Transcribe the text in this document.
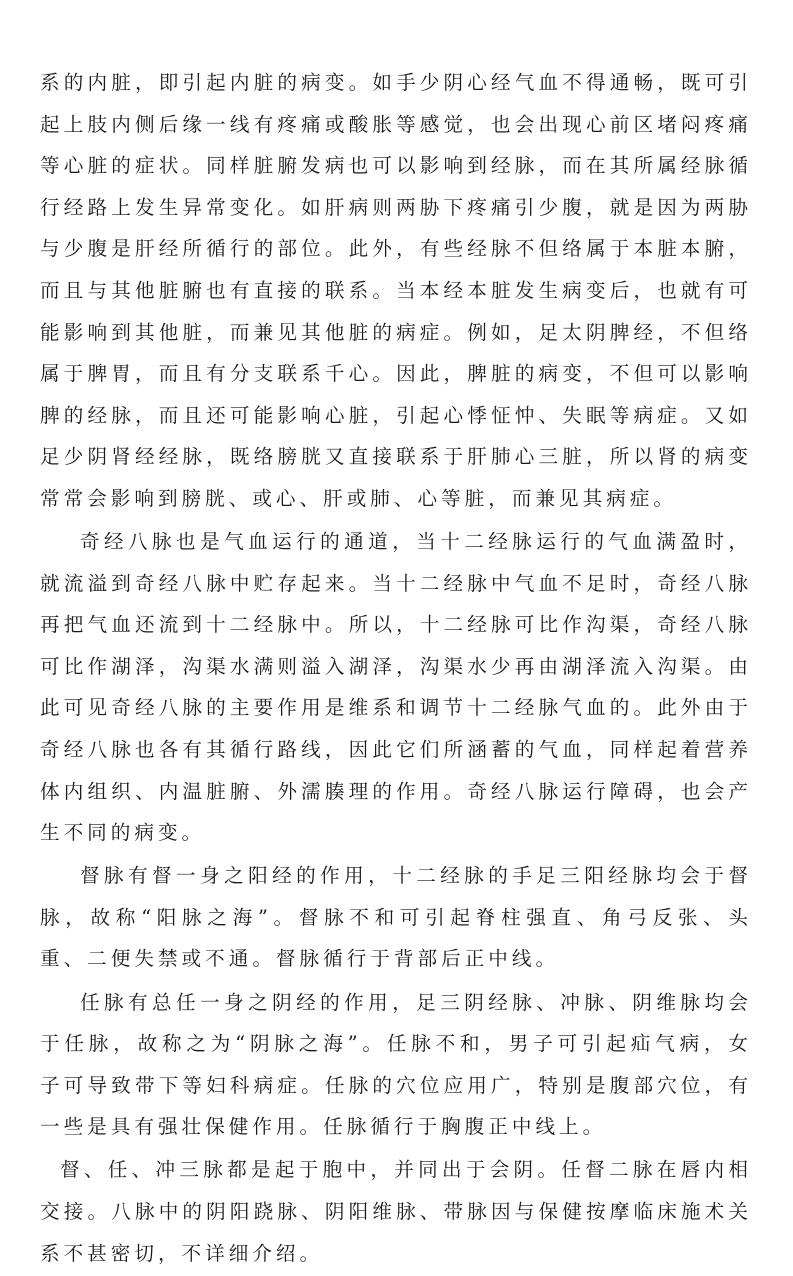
系的内脏，即引起内脏的病变。如手少阴心经气血不得通畅，既可引起上肢内侧后缘一线有疼痛或酸胀等感觉，也会出现心前区堵闷疼痛等心脏的症状。同样脏腑发病也可以影响到经脉，而在其所属经脉循行经路上发生异常变化。如肝病则两胁下疼痛引少腹，就是因为两胁与少腹是肝经所循行的部位。此外，有些经脉不但络属于本脏本腑，而且与其他脏腑也有直接的联系。当本经本脏发生病变后，也就有可能影响到其他脏，而兼见其他脏的病症。例如，足太阴脾经，不但络属于脾胃，而且有分支联系千心。因此，脾脏的病变，不但可以影响脾的经脉，而且还可能影响心脏，引起心悸怔忡、失眠等病症。又如足少阴肾经经脉，既络膀胱又直接联系于肝肺心三脏，所以肾的病变常常会影响到膀胱、或心、肝或肺、心等脏，而兼见其病症。

奇经八脉也是气血运行的通道，当十二经脉运行的气血满盈时，就流溢到奇经八脉中贮存起来。当十二经脉中气血不足时，奇经八脉再把气血还流到十二经脉中。所以，十二经脉可比作沟渠，奇经八脉可比作湖泽，沟渠水满则溢入湖泽，沟渠水少再由湖泽流入沟渠。由此可见奇经八脉的主要作用是维系和调节十二经脉气血的。此外由于奇经八脉也各有其循行路线，因此它们所涵蓄的气血，同样起着营养体内组织、内温脏腑、外濡腠理的作用。奇经八脉运行障碍，也会产生不同的病变。

督脉有督一身之阳经的作用，十二经脉的手足三阳经脉均会于督脉，故称“阳脉之海”。督脉不和可引起脊柱强直、角弓反张、头重、二便失禁或不通。督脉循行于背部后正中线。

任脉有总任一身之阴经的作用，足三阴经脉、冲脉、阴维脉均会于任脉，故称之为“阴脉之海”。任脉不和，男子可引起疝气病，女子可导致带下等妇科病症。任脉的穴位应用广，特别是腹部穴位，有一些是具有强壮保健作用。任脉循行于胸腹正中线上。

督、任、冲三脉都是起于胞中，并同出于会阴。任督二脉在唇内相交接。八脉中的阴阳跷脉、阴阳维脉、带脉因与保健按摩临床施术关系不甚密切，不详细介绍。
